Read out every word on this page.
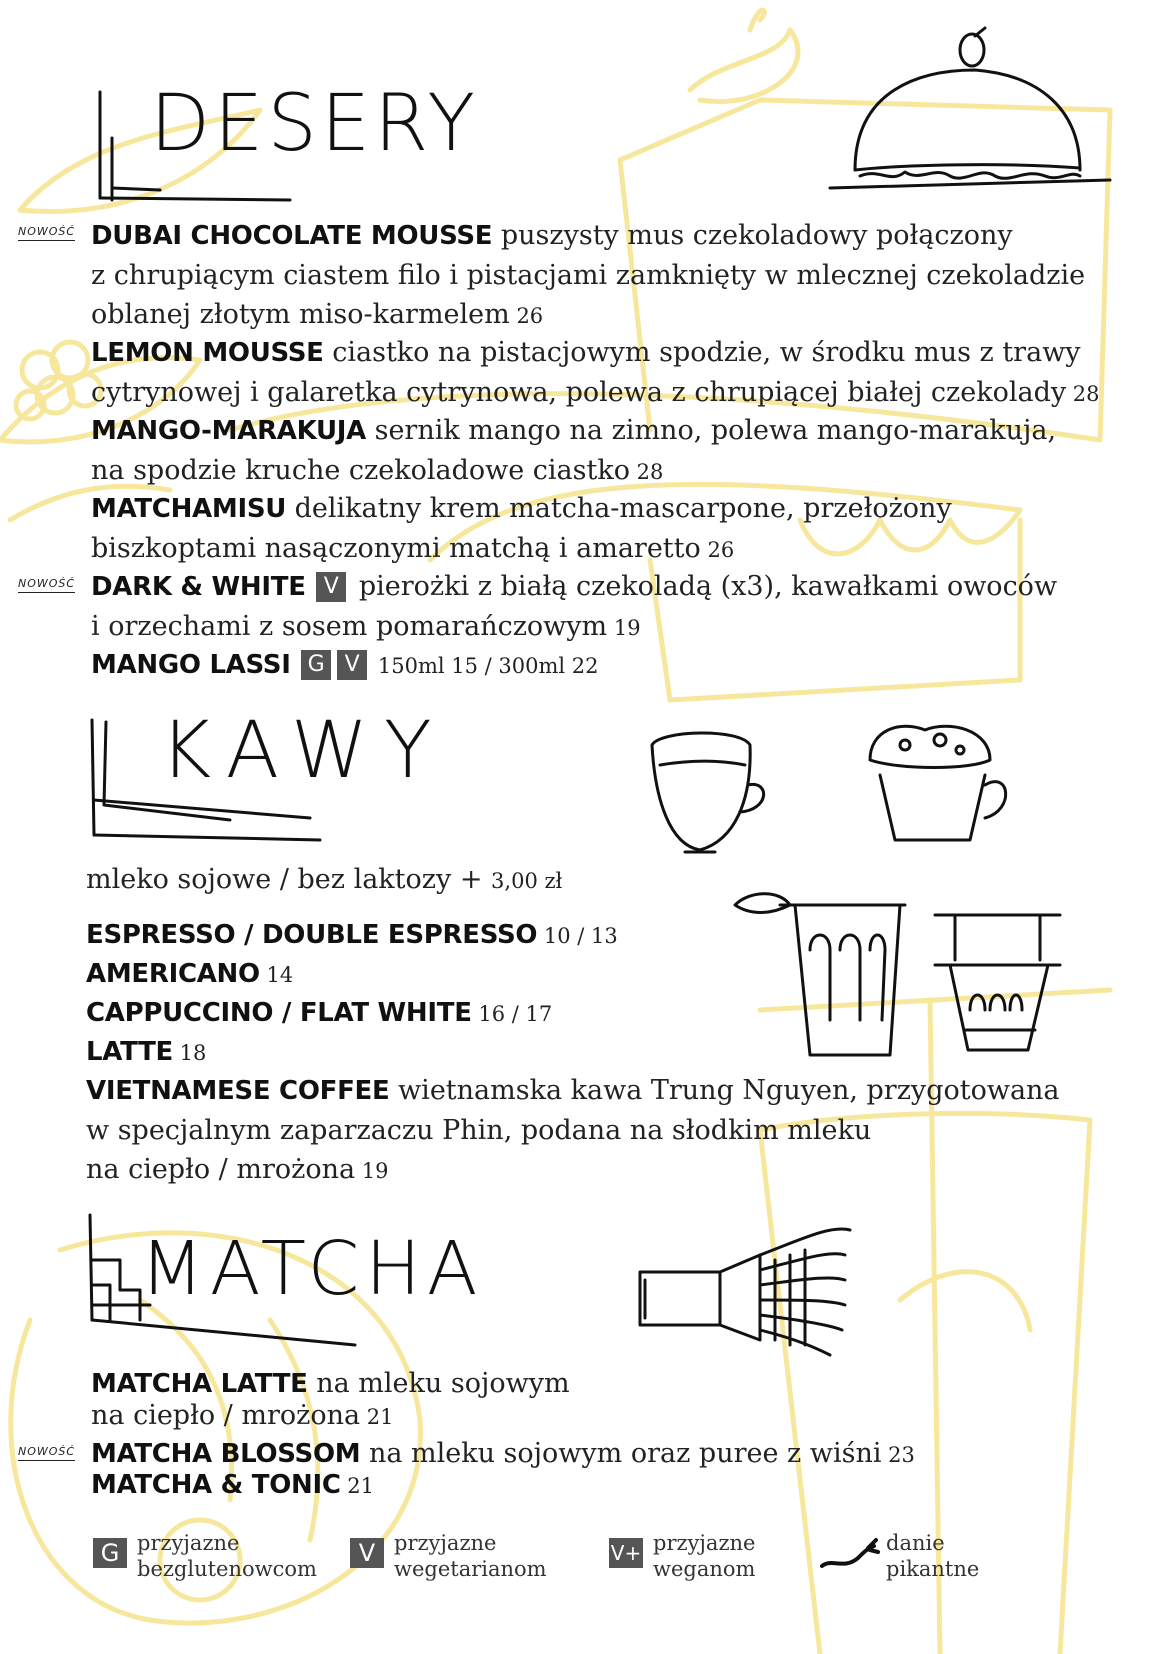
DESERY
KAWY
MATCHA
NOWOŚĆ
NOWOŚĆ
NOWOŚĆ
DUBAI CHOCOLATE MOUSSE puszysty mus czekoladowy połączony
z chrupiącym ciastem filo i pistacjami zamknięty w mlecznej czekoladzie
oblanej złotym miso-karmelem 26
LEMON MOUSSE ciastko na pistacjowym spodzie, w środku mus z trawy
cytrynowej i galaretka cytrynowa, polewa z chrupiącej białej czekolady 28
MANGO-MARAKUJA sernik mango na zimno, polewa mango-marakuja,
na spodzie kruche czekoladowe ciastko 28
MATCHAMISU delikatny krem matcha-mascarpone, przełożony
biszkoptami nasączonymi matchą i amaretto 26
DARK & WHITE V pierożki z białą czekoladą (x3), kawałkami owoców
i orzechami z sosem pomarańczowym 19
MANGO LASSI G V 150ml 15 / 300ml 22
mleko sojowe / bez laktozy + 3,00 zł
ESPRESSO / DOUBLE ESPRESSO 10 / 13
AMERICANO 14
CAPPUCCINO / FLAT WHITE 16 / 17
LATTE 18
VIETNAMESE COFFEE wietnamska kawa Trung Nguyen, przygotowana
w specjalnym zaparzaczu Phin, podana na słodkim mleku
na ciepło / mrożona 19
MATCHA LATTE na mleku sojowym
na ciepło / mrożona 21
MATCHA BLOSSOM na mleku sojowym oraz puree z wiśni 23
MATCHA & TONIC 21
G przyjazne
bezglutenowcom
V przyjazne
wegetarianom
V+ przyjazne
weganom
danie
pikantne
